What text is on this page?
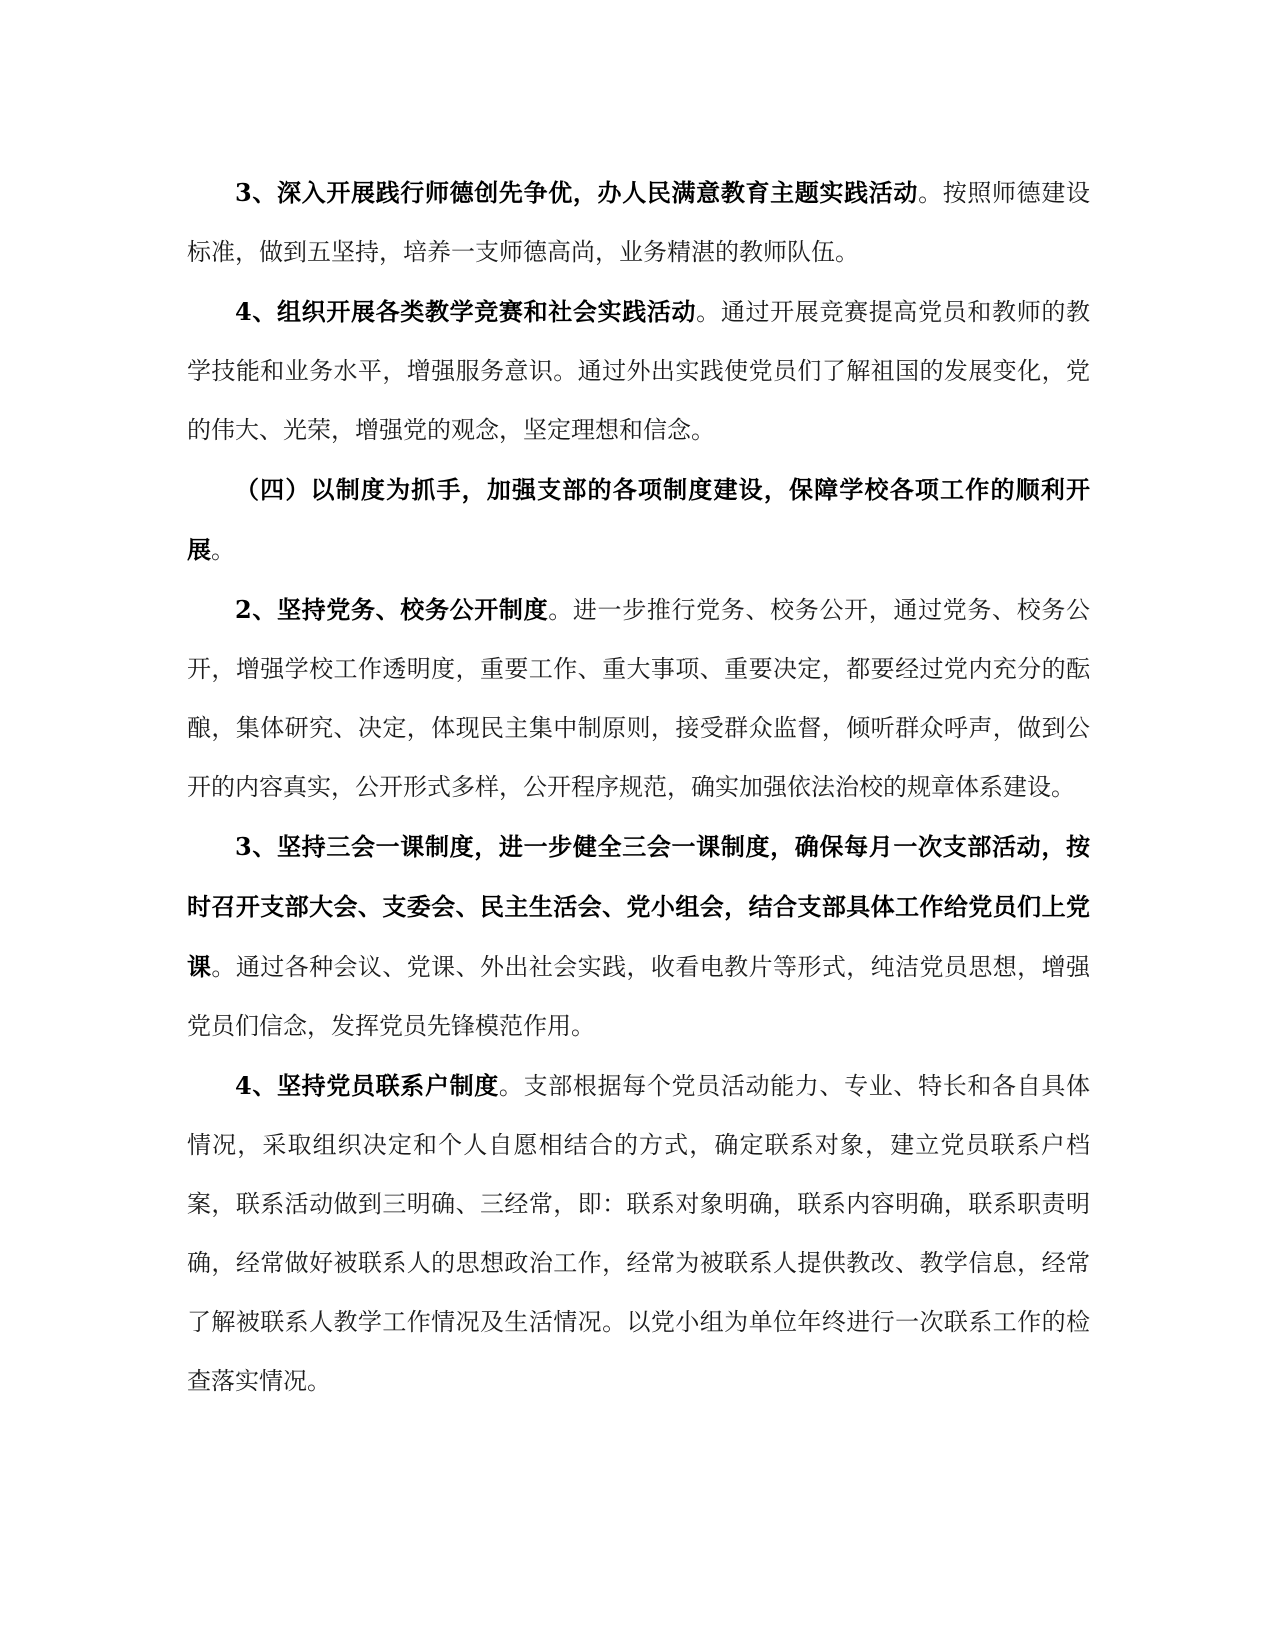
3、深入开展践行师德创先争优，办人民满意教育主题实践活动。按照师德建设标准，做到五坚持，培养一支师德高尚，业务精湛的教师队伍。

4、组织开展各类教学竞赛和社会实践活动。通过开展竞赛提高党员和教师的教学技能和业务水平，增强服务意识。通过外出实践使党员们了解祖国的发展变化，党的伟大、光荣，增强党的观念，坚定理想和信念。

（四）以制度为抓手，加强支部的各项制度建设，保障学校各项工作的顺利开展。

2、坚持党务、校务公开制度。进一步推行党务、校务公开，通过党务、校务公开，增强学校工作透明度，重要工作、重大事项、重要决定，都要经过党内充分的酝酿，集体研究、决定，体现民主集中制原则，接受群众监督，倾听群众呼声，做到公开的内容真实，公开形式多样，公开程序规范，确实加强依法治校的规章体系建设。

3、坚持三会一课制度，进一步健全三会一课制度，确保每月一次支部活动，按时召开支部大会、支委会、民主生活会、党小组会，结合支部具体工作给党员们上党课。通过各种会议、党课、外出社会实践，收看电教片等形式，纯洁党员思想，增强党员们信念，发挥党员先锋模范作用。

4、坚持党员联系户制度。支部根据每个党员活动能力、专业、特长和各自具体情况，采取组织决定和个人自愿相结合的方式，确定联系对象，建立党员联系户档案，联系活动做到三明确、三经常，即：联系对象明确，联系内容明确，联系职责明确，经常做好被联系人的思想政治工作，经常为被联系人提供教改、教学信息，经常了解被联系人教学工作情况及生活情况。以党小组为单位年终进行一次联系工作的检查落实情况。
